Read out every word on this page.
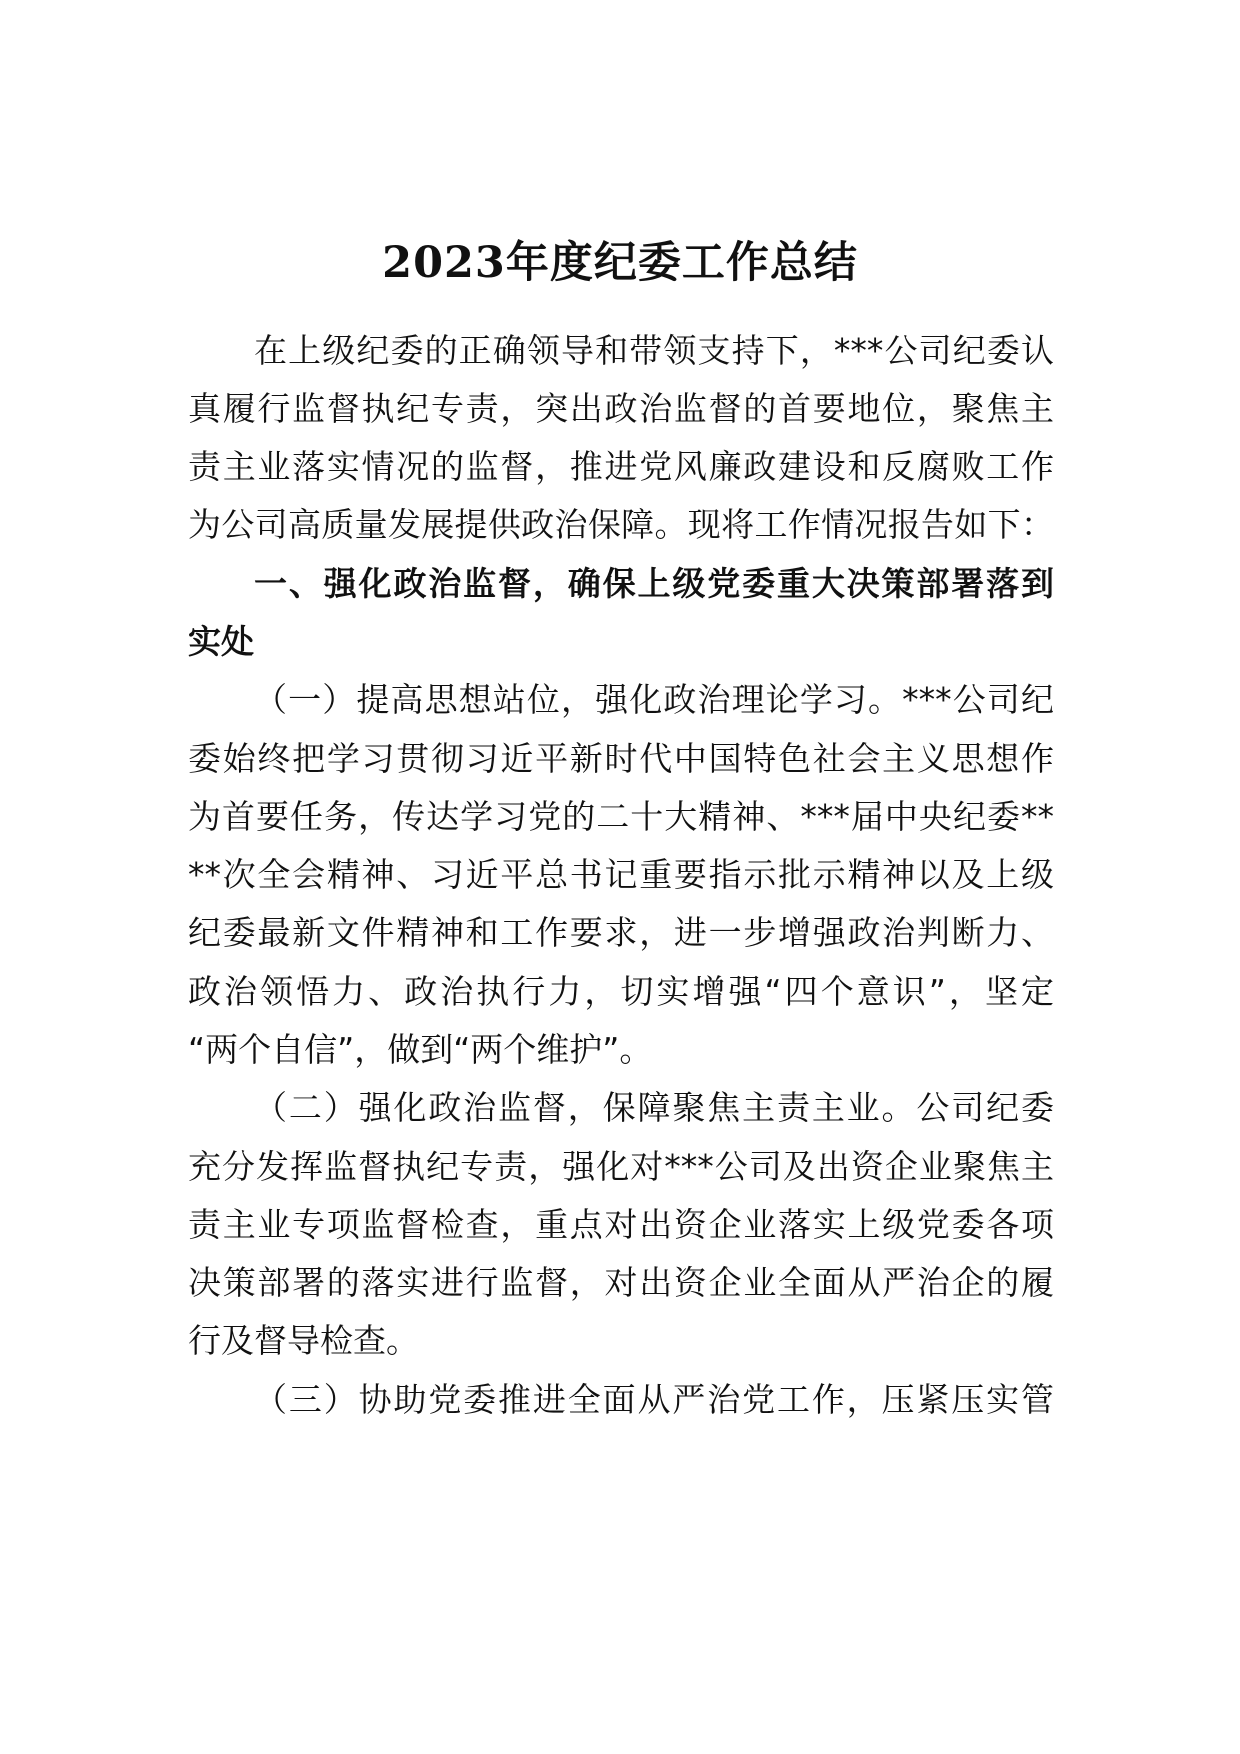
2023年度纪委工作总结

在上级纪委的正确领导和带领支持下，***公司纪委认

真履行监督执纪专责，突出政治监督的首要地位，聚焦主

责主业落实情况的监督，推进党风廉政建设和反腐败工作

为公司高质量发展提供政治保障。现将工作情况报告如下：

一、强化政治监督，确保上级党委重大决策部署落到

实处

（一）提高思想站位，强化政治理论学习。***公司纪

委始终把学习贯彻习近平新时代中国特色社会主义思想作

为首要任务，传达学习党的二十大精神、***届中央纪委**

**次全会精神、习近平总书记重要指示批示精神以及上级

纪委最新文件精神和工作要求，进一步增强政治判断力、

政治领悟力、政治执行力，切实增强“四个意识”，坚定

“两个自信”，做到“两个维护”。

（二）强化政治监督，保障聚焦主责主业。公司纪委

充分发挥监督执纪专责，强化对***公司及出资企业聚焦主

责主业专项监督检查，重点对出资企业落实上级党委各项

决策部署的落实进行监督，对出资企业全面从严治企的履

行及督导检查。

（三）协助党委推进全面从严治党工作，压紧压实管
